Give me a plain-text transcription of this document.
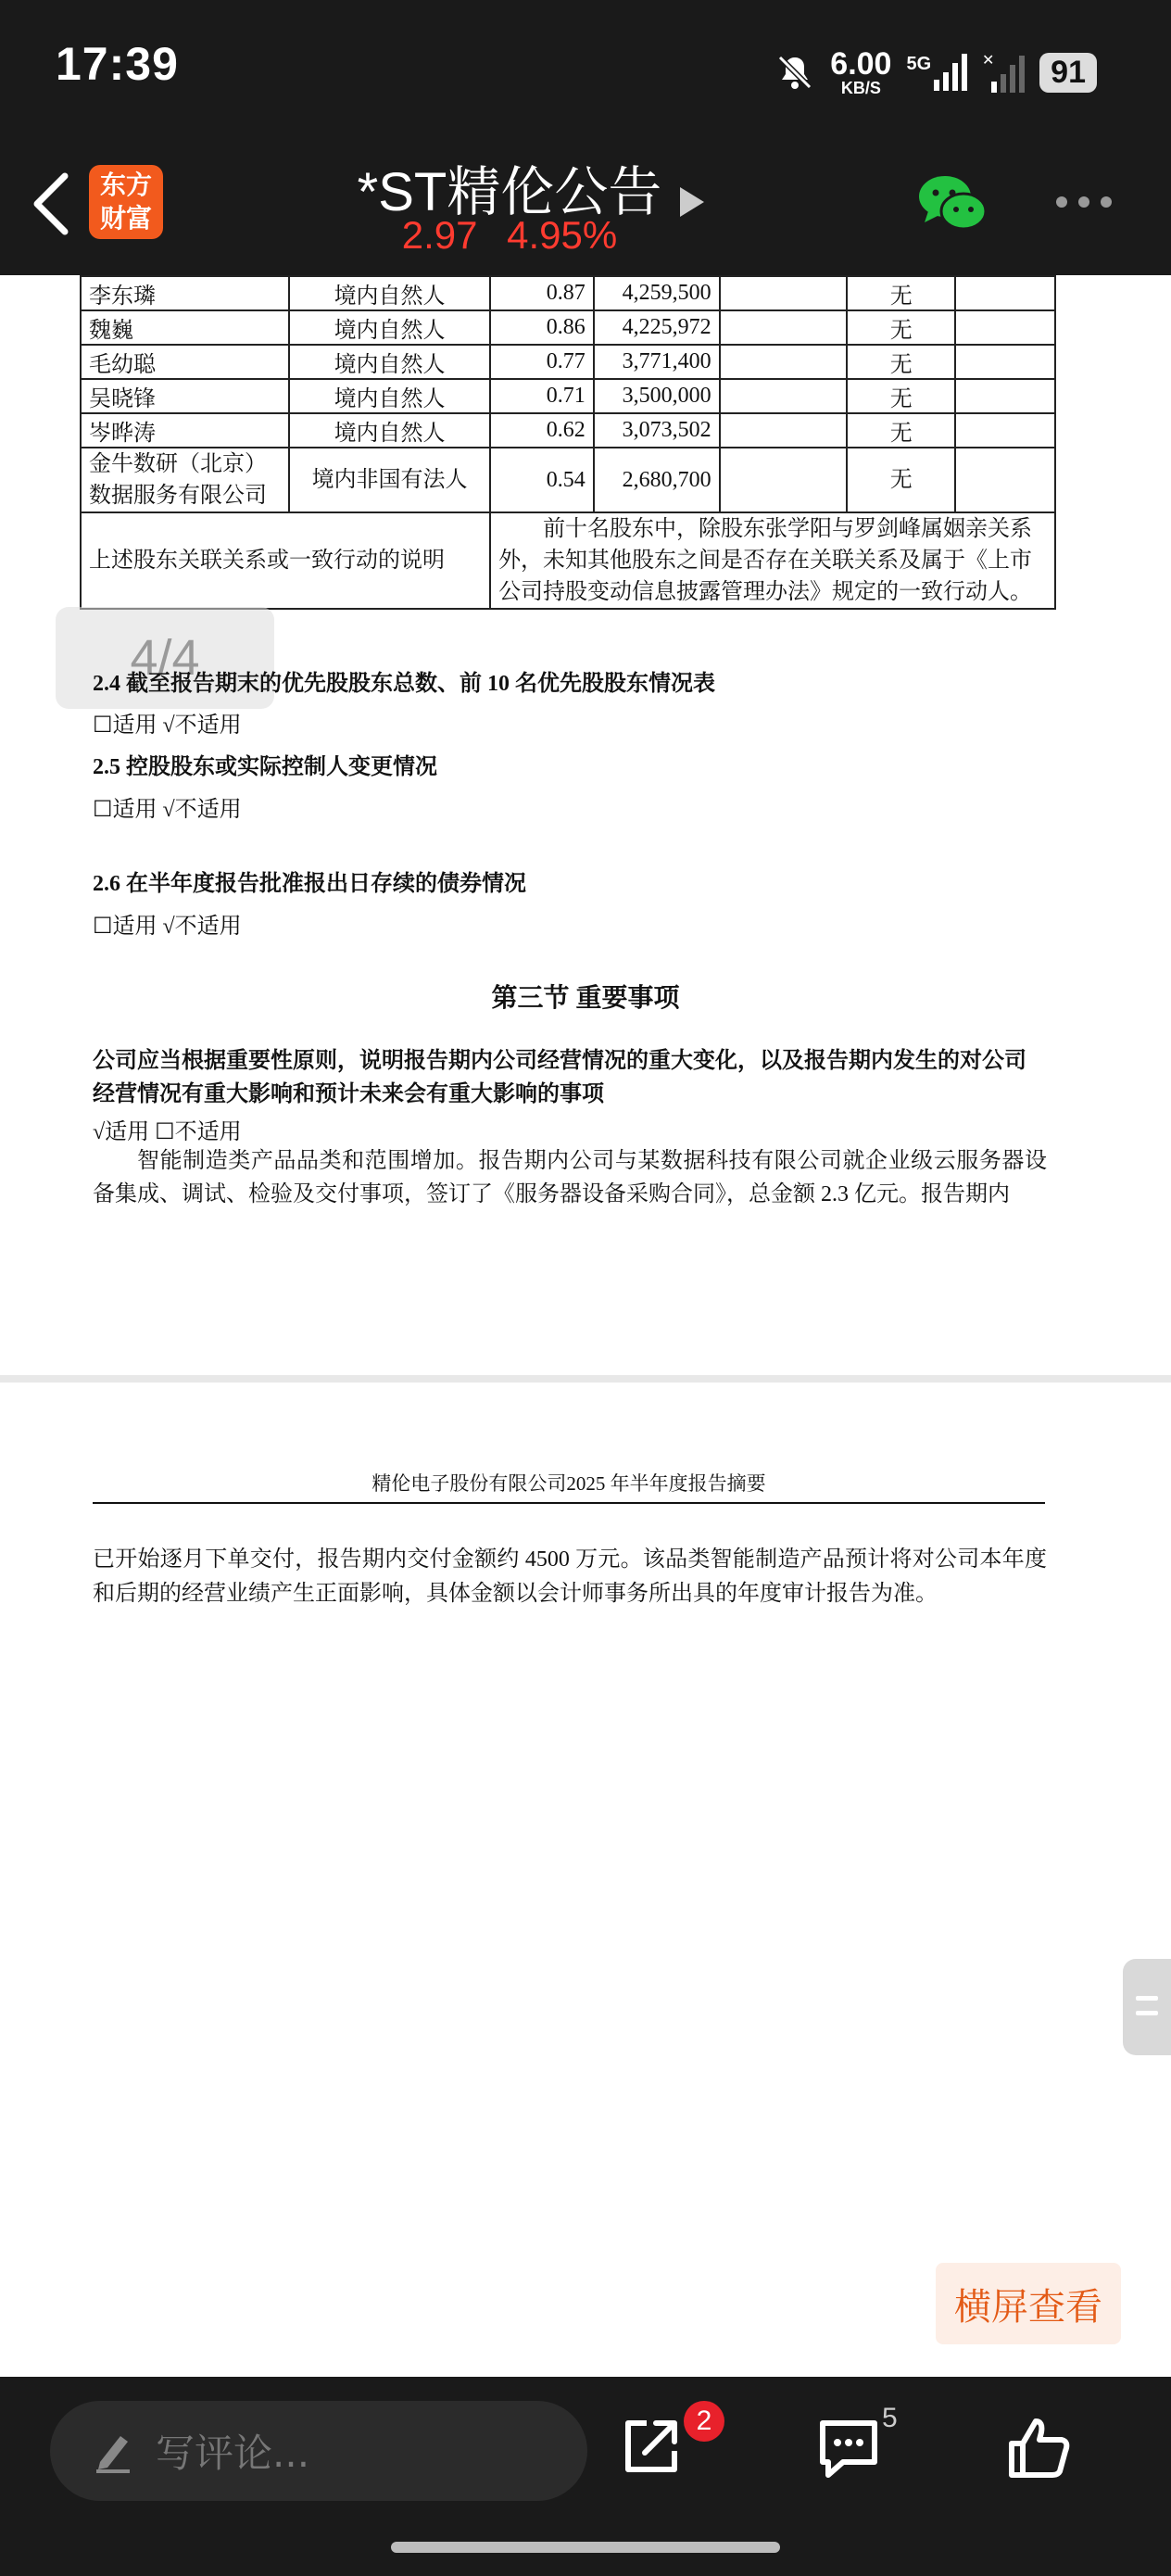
17:39	6.00
KB/S
5G	✕	91
东方
财富	*ST精伦公告
2.97 4.95%
李东璘	境内自然人	0.87	4,259,500		无	
魏巍	境内自然人	0.86	4,225,972		无	
毛幼聪	境内自然人	0.77	3,771,400		无	
吴晓锋	境内自然人	0.71	3,500,000		无	
岑晔涛	境内自然人	0.62	3,073,502		无	
金牛数研（北京）数据服务有限公司	境内非国有法人	0.54	2,680,700		无	
上述股东关联关系或一致行动的说明		前十名股东中，除股东张学阳与罗剑峰属姻亲关系外，未知其他股东之间是否存在关联关系及属于《上市公司持股变动信息披露管理办法》规定的一致行动人。				
4/4
2.4 截至报告期末的优先股股东总数、前 10 名优先股股东情况表
☐适用 √不适用
2.5 控股股东或实际控制人变更情况
☐适用 √不适用
2.6 在半年度报告批准报出日存续的债券情况
☐适用 √不适用
第三节 重要事项
公司应当根据重要性原则，说明报告期内公司经营情况的重大变化，以及报告期内发生的对公司经营情况有重大影响和预计未来会有重大影响的事项
√适用 ☐不适用
智能制造类产品品类和范围增加。报告期内公司与某数据科技有限公司就企业级云服务器设备集成、调试、检验及交付事项，签订了《服务器设备采购合同》，总金额 2.3 亿元。报告期内
精伦电子股份有限公司2025 年半年度报告摘要
已开始逐月下单交付，报告期内交付金额约 4500 万元。该品类智能制造产品预计将对公司本年度和后期的经营业绩产生正面影响，具体金额以会计师事务所出具的年度审计报告为准。
横屏查看
写评论...
2	5
